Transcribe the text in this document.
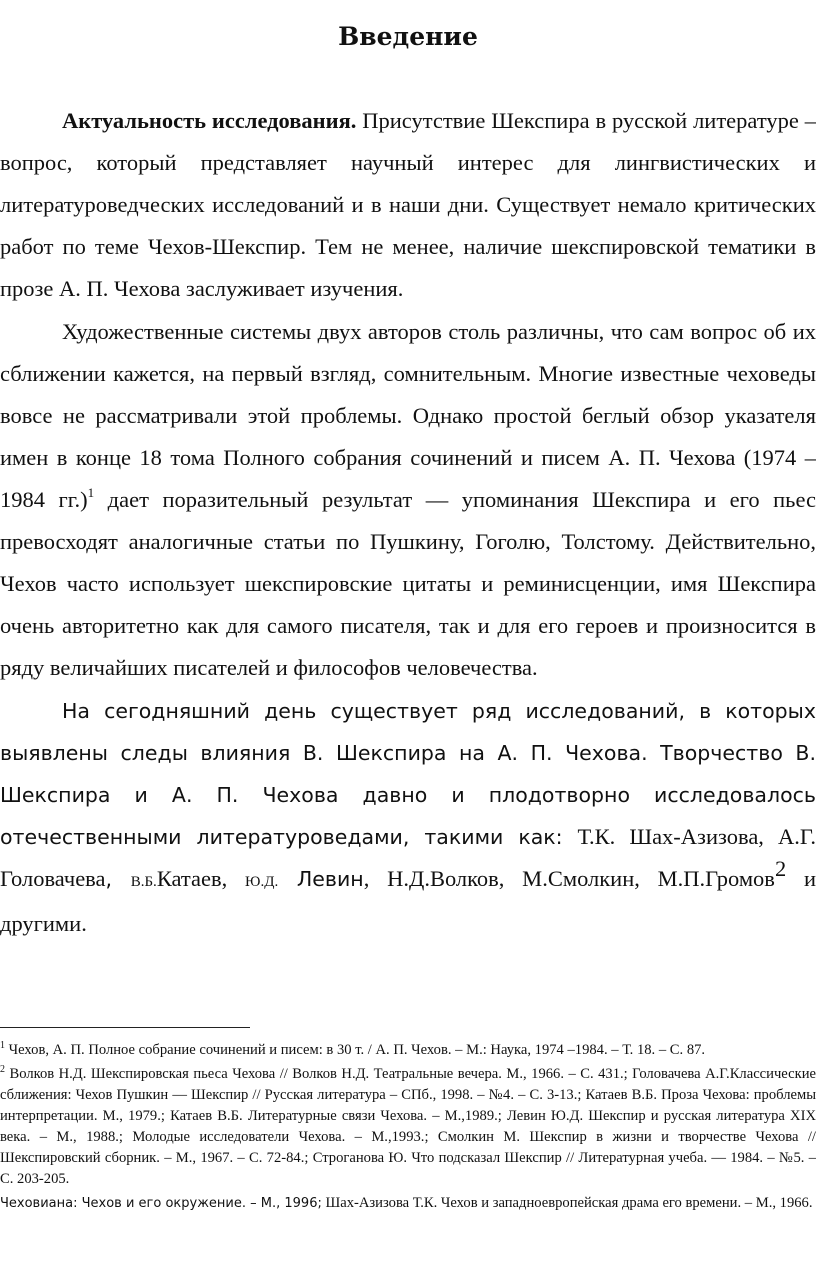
Введение

Актуальность исследования. Присутствие Шекспира в русской литературе – вопрос, который представляет научный интерес для лингвистических и литературоведческих исследований и в наши дни. Существует немало критических работ по теме Чехов-Шекспир. Тем не менее, наличие шекспировской тематики в прозе А. П. Чехова заслуживает изучения.

Художественные системы двух авторов столь различны, что сам вопрос об их сближении кажется, на первый взгляд, сомнительным. Многие известные чеховеды вовсе не рассматривали этой проблемы. Однако простой беглый обзор указателя имен в конце 18 тома Полного собрания сочинений и писем А. П. Чехова (1974 – 1984 гг.)$^1$ дает поразительный результат — упоминания Шекспира и его пьес превосходят аналогичные статьи по Пушкину, Гоголю, Толстому. Действительно, Чехов часто использует шекспировские цитаты и реминисценции, имя Шекспира очень авторитетно как для самого писателя, так и для его героев и произносится в ряду величайших писателей и философов человечества.

На сегодняшний день существует ряд исследований, в которых выявлены следы влияния В. Шекспира на А. П. Чехова. Творчество В. Шекспира и А. П. Чехова давно и плодотворно исследовалось отечественными литературоведами, такими как: Т.К. Шах-Азизова, А.Г. Головачева, В.Б.Катаев, Ю.Д. Левин, Н.Д.Волков, М.Смолкин, М.П.Громов$^2$ и другими.

$^1$ Чехов, А. П. Полное собрание сочинений и писем: в 30 т. / А. П. Чехов. – М.: Наука, 1974 –1984. – Т. 18. – С. 87.

$^2$ Волков Н.Д. Шекспировская пьеса Чехова // Волков Н.Д. Театральные вечера. М., 1966. – С. 431.; Головачева А.Г.Классические сближения: Чехов Пушкин — Шекспир // Русская литература – СПб., 1998. – №4. – С. 3-13.; Катаев В.Б. Проза Чехова: проблемы интерпретации. М., 1979.; Катаев В.Б. Литературные связи Чехова. – М.,1989.; Левин Ю.Д. Шекспир и русская литература XIX века. – М., 1988.; Молодые исследователи Чехова. – М.,1993.; Смолкин М. Шекспир в жизни и творчестве Чехова //Шекспировский сборник. – М., 1967. – С. 72-84.; Строганова Ю. Что подсказал Шекспир // Литературная учеба. — 1984. – №5. – С. 203-205.

Чеховиана: Чехов и его окружение. – М., 1996; Шах-Азизова Т.К. Чехов и западноевропейская драма его времени. – М., 1966.
